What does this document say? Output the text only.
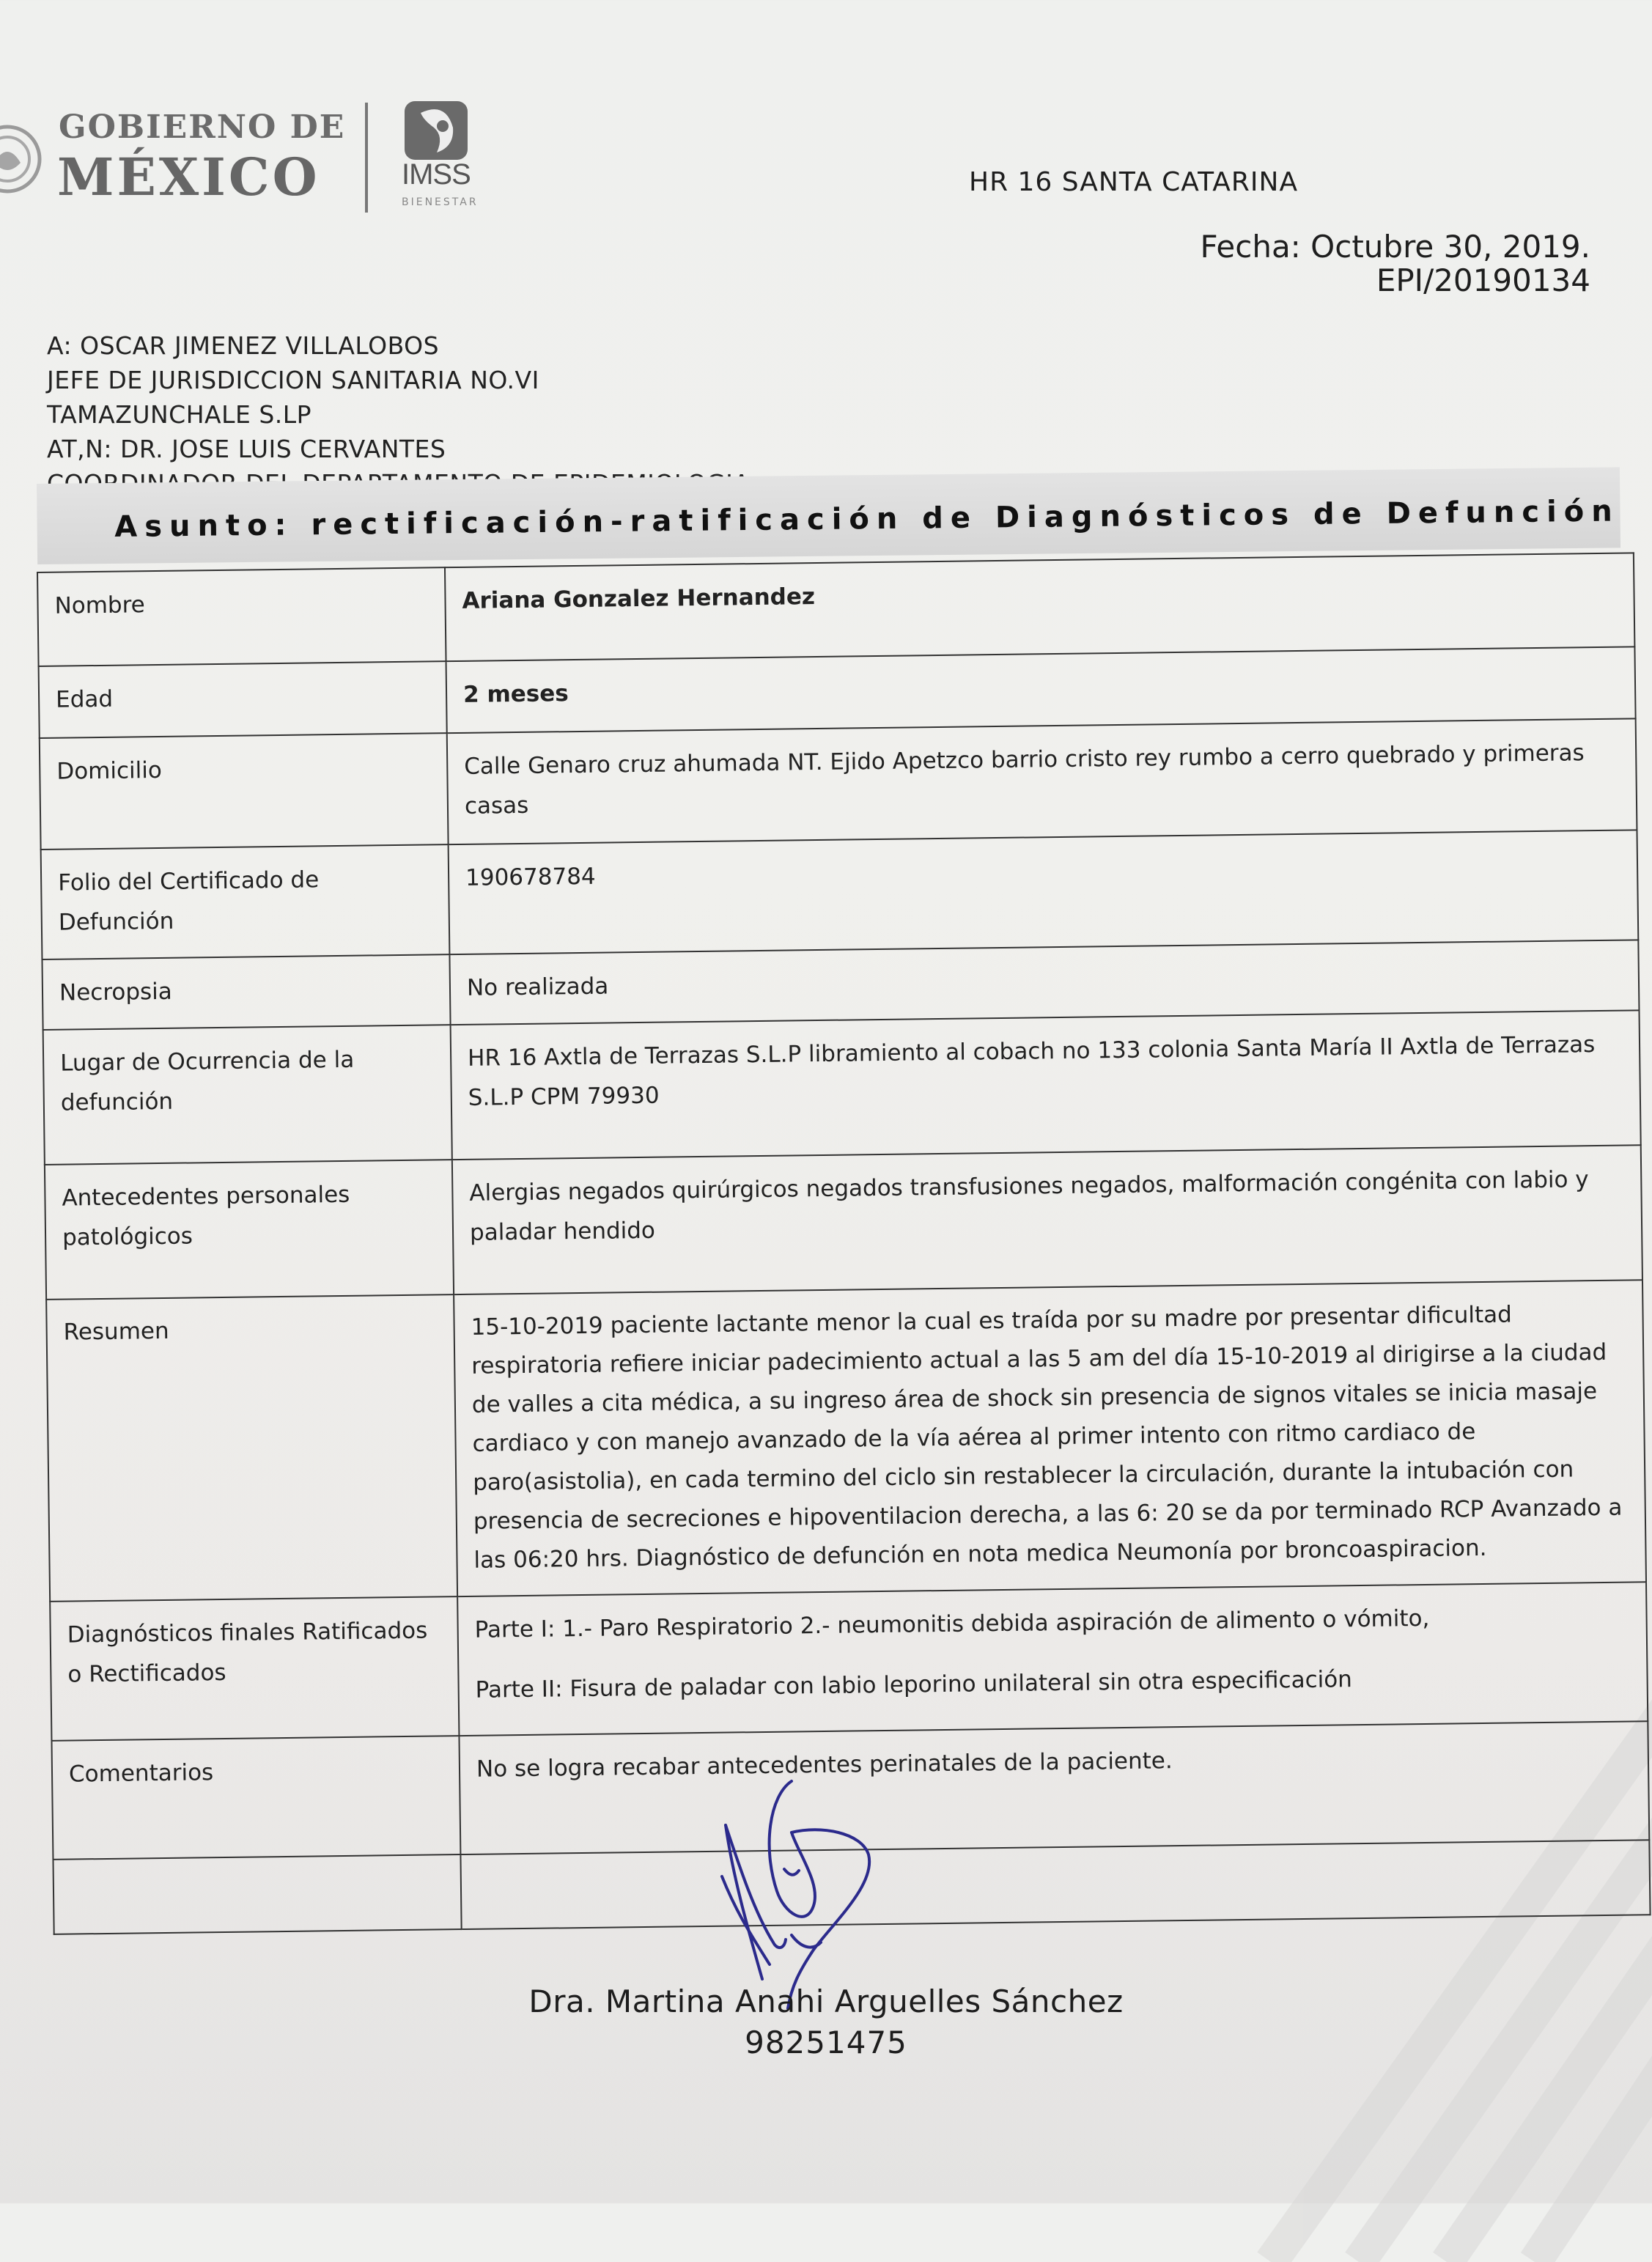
GOBIERNO DE
MÉXICO	IMSS
BIENESTAR
HR 16 SANTA CATARINA
Fecha: Octubre 30, 2019.
EPI/20190134
A: OSCAR JIMENEZ VILLALOBOS
JEFE DE JURISDICCION SANITARIA NO.VI
TAMAZUNCHALE S.LP
AT,N: DR. JOSE LUIS CERVANTES
Asunto: rectificación-ratificación de Diagnósticos de Defunción
Nombre	Ariana Gonzalez Hernandez
Edad	2 meses
Domicilio	Calle Genaro cruz ahumada NT. Ejido Apetzco barrio cristo rey rumbo a cerro quebrado y primeras casas
Folio del Certificado de Defunción	190678784
Necropsia	No realizada
Lugar de Ocurrencia de la defunción	HR 16 Axtla de Terrazas S.L.P libramiento al cobach no 133 colonia Santa María II Axtla de Terrazas S.L.P CPM 79930
Antecedentes personales patológicos	Alergias negados quirúrgicos negados transfusiones negados, malformación congénita con labio y paladar hendido
Resumen	15-10-2019 paciente lactante menor la cual es traída por su madre por presentar dificultad respiratoria refiere iniciar padecimiento actual a las 5 am del día 15-10-2019 al dirigirse a la ciudad de valles a cita médica, a su ingreso área de shock sin presencia de signos vitales se inicia masaje cardiaco y con manejo avanzado de la vía aérea al primer intento con ritmo cardiaco de paro(asistolia), en cada termino del ciclo sin restablecer la circulación, durante la intubación con presencia de secreciones e hipoventilacion derecha, a las 6: 20 se da por terminado RCP Avanzado a las 06:20 hrs. Diagnóstico de defunción en nota medica Neumonía por broncoaspiracion.
Diagnósticos finales Ratificados o Rectificados	Parte I: 1.- Paro Respiratorio 2.- neumonitis debida aspiración de alimento o vómito,
Parte II: Fisura de paladar con labio leporino unilateral sin otra especificación

Comentarios	No se logra recabar antecedentes perinatales de la paciente.

Dra. Martina Anahi Arguelles Sánchez
98251475
